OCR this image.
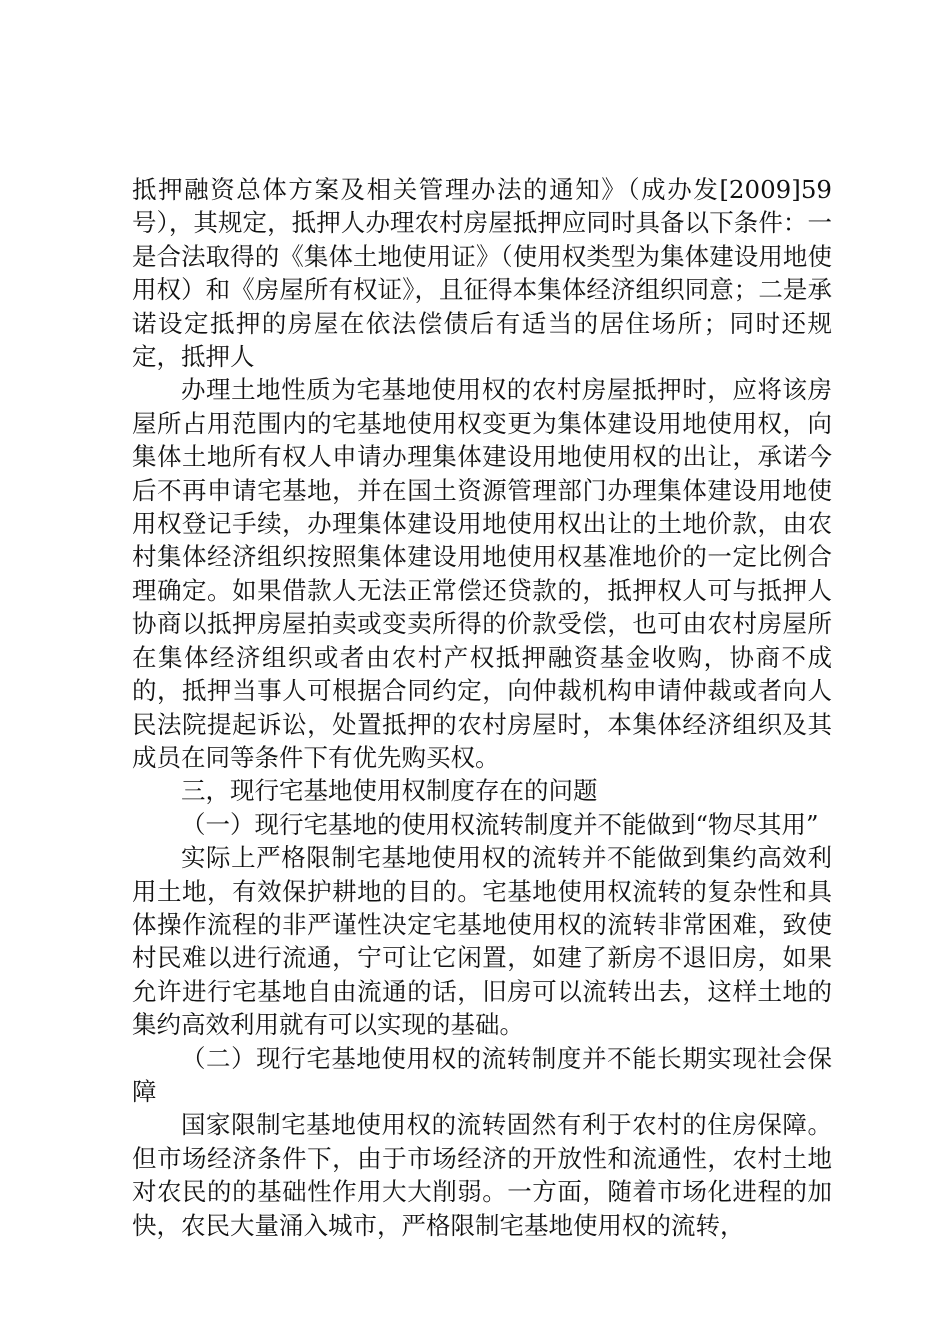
抵押融资总体方案及相关管理办法的通知》（成办发[2009]59号），其规定，抵押人办理农村房屋抵押应同时具备以下条件：一是合法取得的《集体土地使用证》（使用权类型为集体建设用地使用权）和《房屋所有权证》，且征得本集体经济组织同意；二是承诺设定抵押的房屋在依法偿债后有适当的居住场所；同时还规定，抵押人

办理土地性质为宅基地使用权的农村房屋抵押时，应将该房屋所占用范围内的宅基地使用权变更为集体建设用地使用权，向集体土地所有权人申请办理集体建设用地使用权的出让，承诺今后不再申请宅基地，并在国土资源管理部门办理集体建设用地使用权登记手续，办理集体建设用地使用权出让的土地价款，由农村集体经济组织按照集体建设用地使用权基准地价的一定比例合理确定。如果借款人无法正常偿还贷款的，抵押权人可与抵押人协商以抵押房屋拍卖或变卖所得的价款受偿，也可由农村房屋所在集体经济组织或者由农村产权抵押融资基金收购，协商不成的，抵押当事人可根据合同约定，向仲裁机构申请仲裁或者向人民法院提起诉讼，处置抵押的农村房屋时，本集体经济组织及其成员在同等条件下有优先购买权。

三，现行宅基地使用权制度存在的问题

（一）现行宅基地的使用权流转制度并不能做到“物尽其用”

实际上严格限制宅基地使用权的流转并不能做到集约高效利用土地，有效保护耕地的目的。宅基地使用权流转的复杂性和具体操作流程的非严谨性决定宅基地使用权的流转非常困难，致使村民难以进行流通，宁可让它闲置，如建了新房不退旧房，如果允许进行宅基地自由流通的话，旧房可以流转出去，这样土地的集约高效利用就有可以实现的基础。

（二）现行宅基地使用权的流转制度并不能长期实现社会保障

国家限制宅基地使用权的流转固然有利于农村的住房保障。但市场经济条件下，由于市场经济的开放性和流通性，农村土地对农民的的基础性作用大大削弱。一方面，随着市场化进程的加快，农民大量涌入城市，严格限制宅基地使用权的流转，
